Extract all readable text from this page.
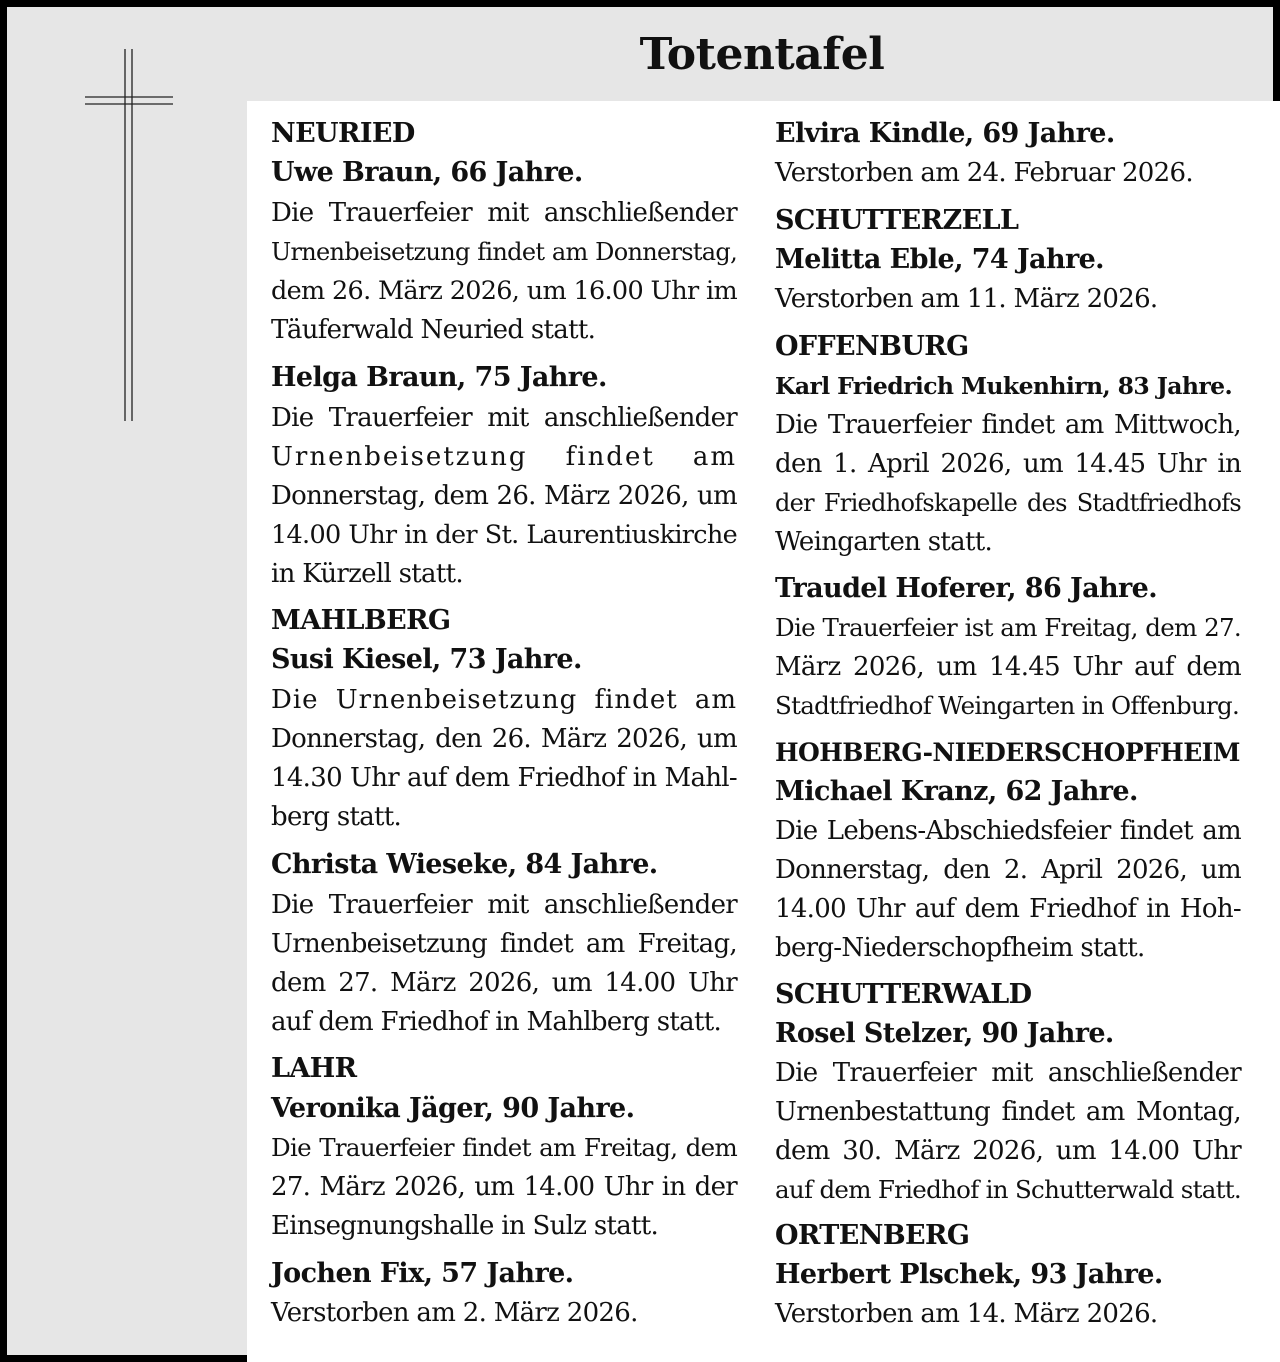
Totentafel
NEURIED
Uwe Braun, 66 Jahre.
Die Trauerfeier mit anschließender
Urnenbeisetzung findet am Donnerstag,
dem 26. März 2026, um 16.00 Uhr im
Täuferwald Neuried statt.
Helga Braun, 75 Jahre.
Die Trauerfeier mit anschließender
Urnenbeisetzung findet am
Donnerstag, dem 26. März 2026, um
14.00 Uhr in der St. Laurentiuskirche
in Kürzell statt.
MAHLBERG
Susi Kiesel, 73 Jahre.
Die Urnenbeisetzung findet am
Donnerstag, den 26. März 2026, um
14.30 Uhr auf dem Friedhof in Mahl-
berg statt.
Christa Wieseke, 84 Jahre.
Die Trauerfeier mit anschließender
Urnenbeisetzung findet am Freitag,
dem 27. März 2026, um 14.00 Uhr
auf dem Friedhof in Mahlberg statt.
LAHR
Veronika Jäger, 90 Jahre.
Die Trauerfeier findet am Freitag, dem
27. März 2026, um 14.00 Uhr in der
Einsegnungshalle in Sulz statt.
Jochen Fix, 57 Jahre.
Verstorben am 2. März 2026.
Elvira Kindle, 69 Jahre.
Verstorben am 24. Februar 2026.
SCHUTTERZELL
Melitta Eble, 74 Jahre.
Verstorben am 11. März 2026.
OFFENBURG
Karl Friedrich Mukenhirn, 83 Jahre.
Die Trauerfeier findet am Mittwoch,
den 1. April 2026, um 14.45 Uhr in
der Friedhofskapelle des Stadtfriedhofs
Weingarten statt.
Traudel Hoferer, 86 Jahre.
Die Trauerfeier ist am Freitag, dem 27.
März 2026, um 14.45 Uhr auf dem
Stadtfriedhof Weingarten in Offenburg.
HOHBERG-NIEDERSCHOPFHEIM
Michael Kranz, 62 Jahre.
Die Lebens-Abschiedsfeier findet am
Donnerstag, den 2. April 2026, um
14.00 Uhr auf dem Friedhof in Hoh-
berg-Niederschopfheim statt.
SCHUTTERWALD
Rosel Stelzer, 90 Jahre.
Die Trauerfeier mit anschließender
Urnenbestattung findet am Montag,
dem 30. März 2026, um 14.00 Uhr
auf dem Friedhof in Schutterwald statt.
ORTENBERG
Herbert Plschek, 93 Jahre.
Verstorben am 14. März 2026.
